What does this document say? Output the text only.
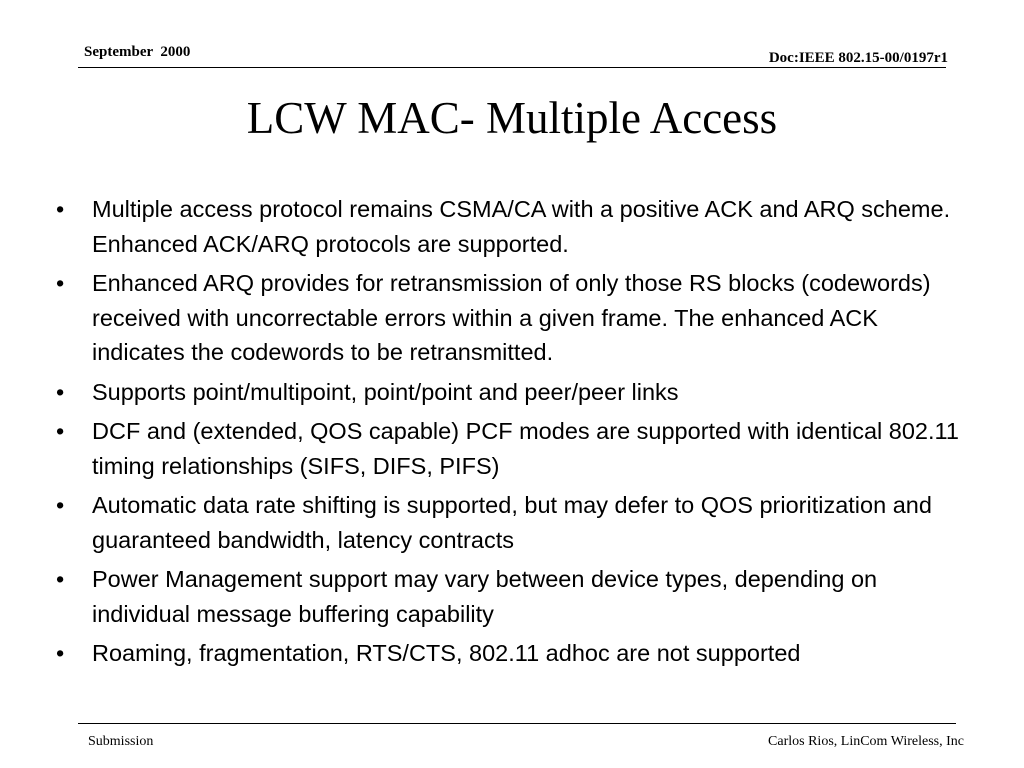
September  2000	Doc:IEEE 802.15-00/0197r1
LCW MAC- Multiple Access
• Multiple access protocol remains CSMA/CA with a positive ACK and ARQ scheme. Enhanced ACK/ARQ protocols are supported.
• Enhanced ARQ provides for retransmission of only those RS blocks (codewords) received with uncorrectable errors within a given frame. The enhanced ACK indicates the codewords to be retransmitted.
• Supports point/multipoint, point/point and peer/peer links
• DCF and (extended, QOS capable) PCF modes are supported with identical 802.11 timing relationships (SIFS, DIFS, PIFS)
• Automatic data rate shifting is supported, but may defer to QOS prioritization and guaranteed bandwidth, latency contracts
• Power Management support may vary between device types, depending on individual message buffering capability
• Roaming, fragmentation, RTS/CTS, 802.11 adhoc are not supported
Submission	Carlos Rios, LinCom Wireless, Inc
